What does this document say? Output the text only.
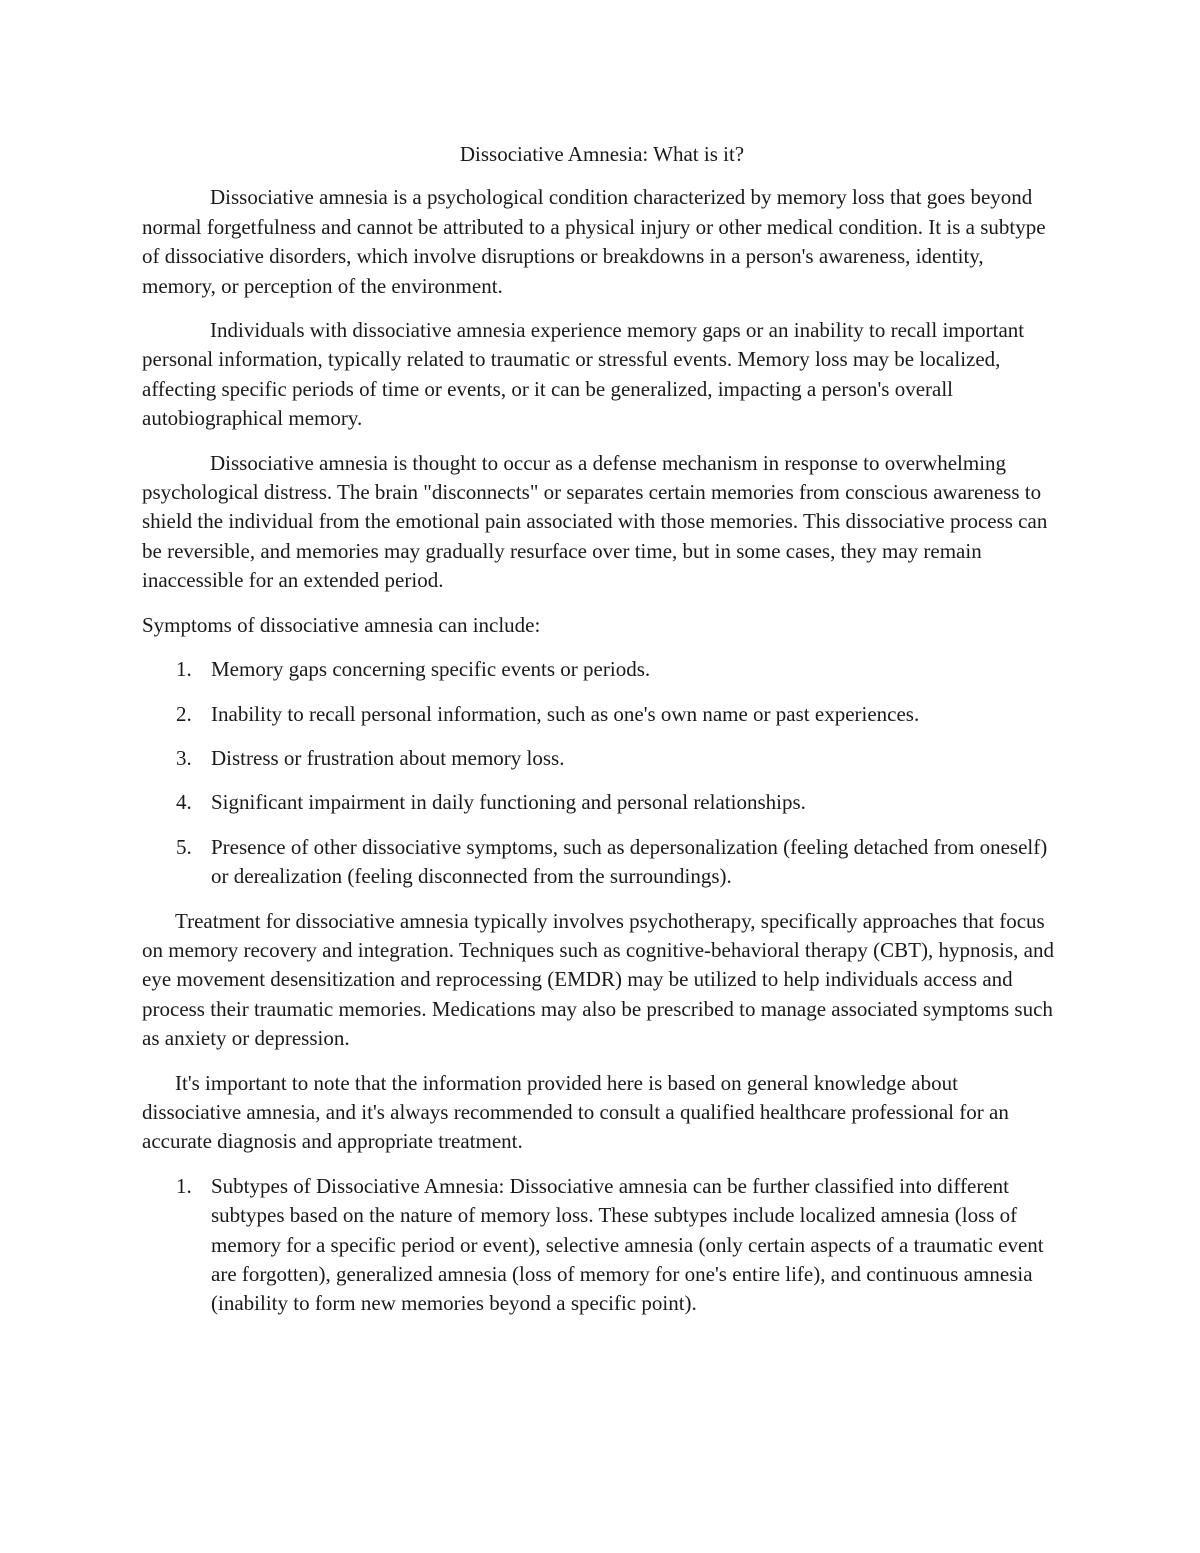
Dissociative Amnesia: What is it?

Dissociative amnesia is a psychological condition characterized by memory loss that goes beyond normal forgetfulness and cannot be attributed to a physical injury or other medical condition. It is a subtype of dissociative disorders, which involve disruptions or breakdowns in a person's awareness, identity, memory, or perception of the environment.

Individuals with dissociative amnesia experience memory gaps or an inability to recall important personal information, typically related to traumatic or stressful events. Memory loss may be localized, affecting specific periods of time or events, or it can be generalized, impacting a person's overall autobiographical memory.

Dissociative amnesia is thought to occur as a defense mechanism in response to overwhelming psychological distress. The brain "disconnects" or separates certain memories from conscious awareness to shield the individual from the emotional pain associated with those memories. This dissociative process can be reversible, and memories may gradually resurface over time, but in some cases, they may remain inaccessible for an extended period.

Symptoms of dissociative amnesia can include:

1. Memory gaps concerning specific events or periods.
2. Inability to recall personal information, such as one's own name or past experiences.
3. Distress or frustration about memory loss.
4. Significant impairment in daily functioning and personal relationships.
5. Presence of other dissociative symptoms, such as depersonalization (feeling detached from oneself) or derealization (feeling disconnected from the surroundings).

Treatment for dissociative amnesia typically involves psychotherapy, specifically approaches that focus on memory recovery and integration. Techniques such as cognitive-behavioral therapy (CBT), hypnosis, and eye movement desensitization and reprocessing (EMDR) may be utilized to help individuals access and process their traumatic memories. Medications may also be prescribed to manage associated symptoms such as anxiety or depression.

It's important to note that the information provided here is based on general knowledge about dissociative amnesia, and it's always recommended to consult a qualified healthcare professional for an accurate diagnosis and appropriate treatment.

1. Subtypes of Dissociative Amnesia: Dissociative amnesia can be further classified into different subtypes based on the nature of memory loss. These subtypes include localized amnesia (loss of memory for a specific period or event), selective amnesia (only certain aspects of a traumatic event are forgotten), generalized amnesia (loss of memory for one's entire life), and continuous amnesia (inability to form new memories beyond a specific point).
